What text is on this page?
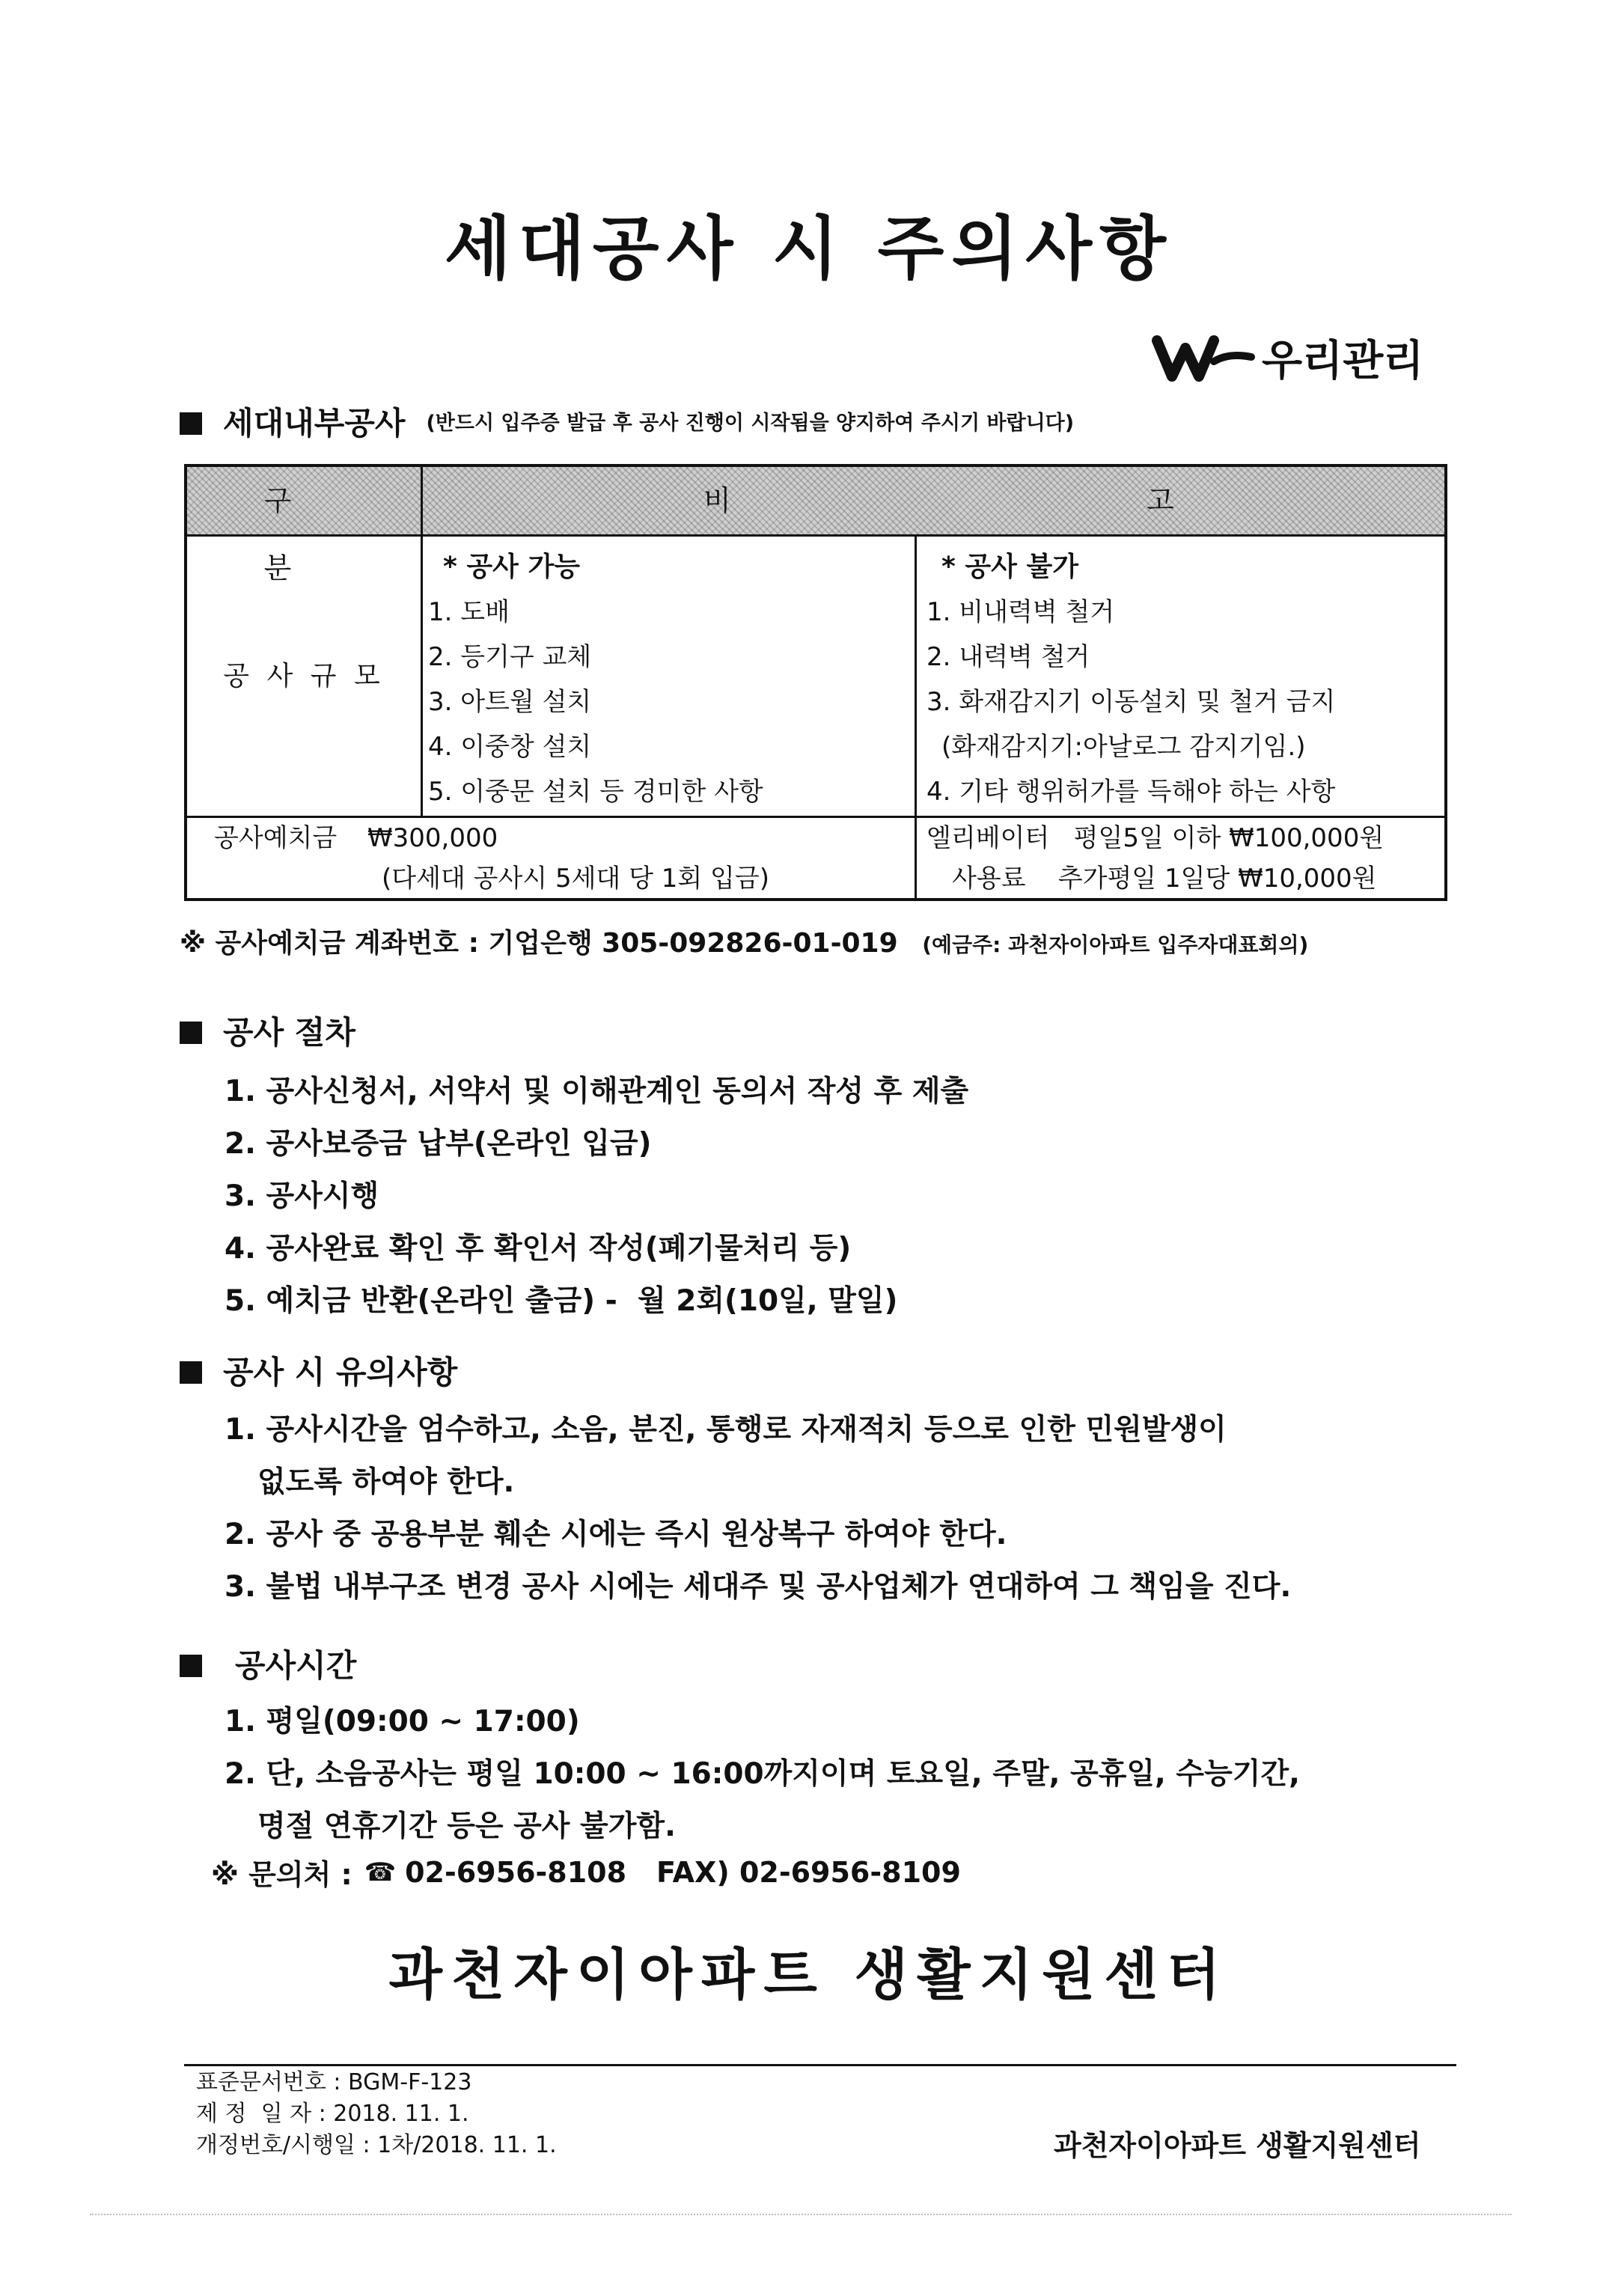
세대공사 시 주의사항
우리관리
세대내부공사 (반드시 입주증 발급 후 공사 진행이 시작됨을 양지하여 주시기 바랍니다)
구 분
비	고
공 사 규 모
* 공사 가능
1. 도배
2. 등기구 교체
3. 아트월 설치
4. 이중창 설치
5. 이중문 설치 등 경미한 사항
* 공사 불가
1. 비내력벽 철거
2. 내력벽 철거
3. 화재감지기 이동설치 및 철거 금지
(화재감지기:아날로그 감지기임.)
4. 기타 행위허가를 득해야 하는 사항
공사예치금 ₩300,000
(다세대 공사시 5세대 당 1회 입금)
엘리베이터   평일5일 이하 ₩100,000원
사용료    추가평일 1일당 ₩10,000원
※ 공사예치금 계좌번호 : 기업은행 305-092826-01-019 (예금주: 과천자이아파트 입주자대표회의)
공사 절차
1. 공사신청서, 서약서 및 이해관계인 동의서 작성 후 제출
2. 공사보증금 납부(온라인 입금)
3. 공사시행
4. 공사완료 확인 후 확인서 작성(폐기물처리 등)
5. 예치금 반환(온라인 출금) -  월 2회(10일, 말일)
공사 시 유의사항
1. 공사시간을 엄수하고, 소음, 분진, 통행로 자재적치 등으로 인한 민원발생이
없도록 하여야 한다.
2. 공사 중 공용부분 훼손 시에는 즉시 원상복구 하여야 한다.
3. 불법 내부구조 변경 공사 시에는 세대주 및 공사업체가 연대하여 그 책임을 진다.
공사시간
1. 평일(09:00 ~ 17:00)
2. 단, 소음공사는 평일 10:00 ~ 16:00까지이며 토요일, 주말, 공휴일, 수능기간,
명절 연휴기간 등은 공사 불가함.
※ 문의처 : ☎ 02-6956-8108 FAX) 02-6956-8109
과천자이아파트 생활지원센터
표준문서번호 : BGM-F-123
제 정  일 자 : 2018. 11. 1.
개정번호/시행일 : 1차/2018. 11. 1.	과천자이아파트 생활지원센터
